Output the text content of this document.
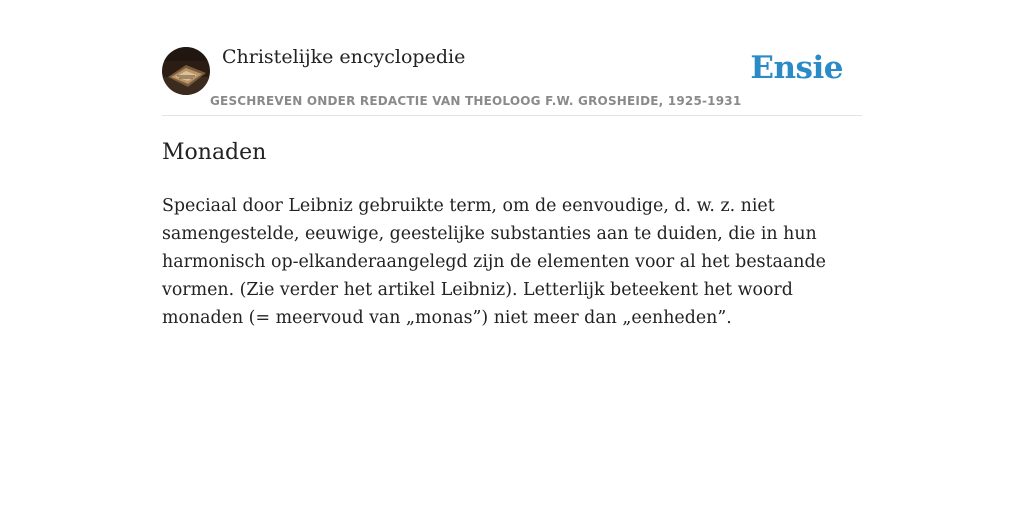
Christelijke encyclopedie
GESCHREVEN ONDER REDACTIE VAN THEOLOOG F.W. GROSHEIDE, 1925-1931
Ensie
Monaden

Speciaal door Leibniz gebruikte term, om de eenvoudige, d. w. z. niet samengestelde, eeuwige, geestelijke substanties aan te duiden, die in hun harmonisch op-elkanderaangelegd zijn de elementen voor al het bestaande vormen. (Zie verder het artikel Leibniz). Letterlijk beteekent het woord monaden (= meervoud van „monas”) niet meer dan „eenheden”.
